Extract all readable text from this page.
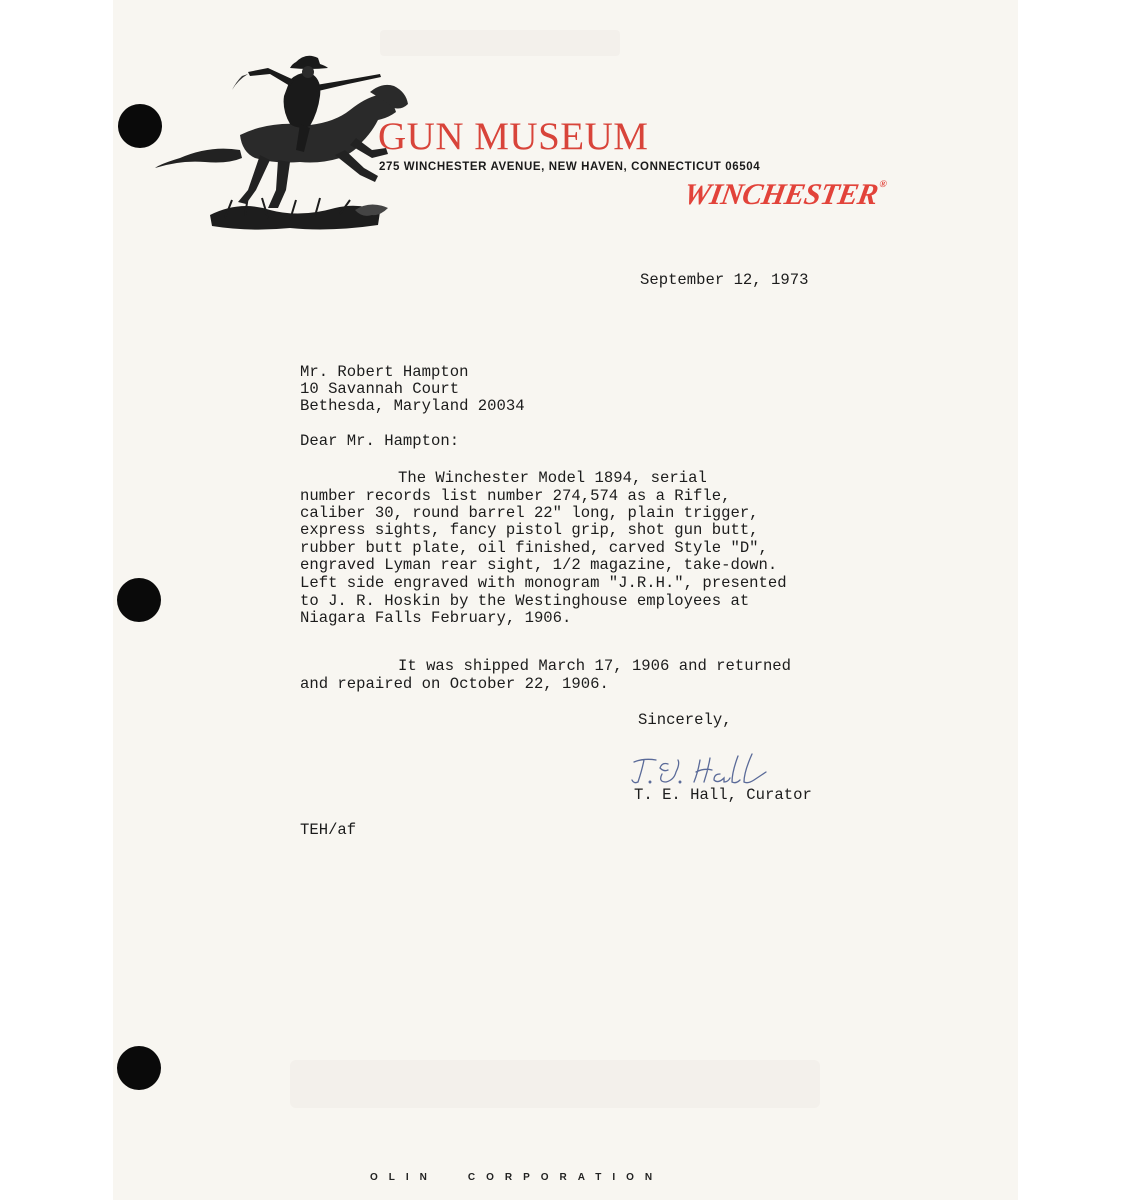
GUN MUSEUM
275 WINCHESTER AVENUE, NEW HAVEN, CONNECTICUT 06504
WINCHESTER®
September 12, 1973
Mr. Robert Hampton
10 Savannah Court
Bethesda, Maryland 20034
Dear Mr. Hampton:
The Winchester Model 1894, serial
number records list number 274,574 as a Rifle,
caliber 30, round barrel 22" long, plain trigger,
express sights, fancy pistol grip, shot gun butt,
rubber butt plate, oil finished, carved Style "D",
engraved Lyman rear sight, 1/2 magazine, take-down.
Left side engraved with monogram "J.R.H.", presented
to J. R. Hoskin by the Westinghouse employees at
Niagara Falls February, 1906.
It was shipped March 17, 1906 and returned
and repaired on October 22, 1906.
Sincerely,
T. E. Hall, Curator
TEH/af
OLIN	CORPORATION
